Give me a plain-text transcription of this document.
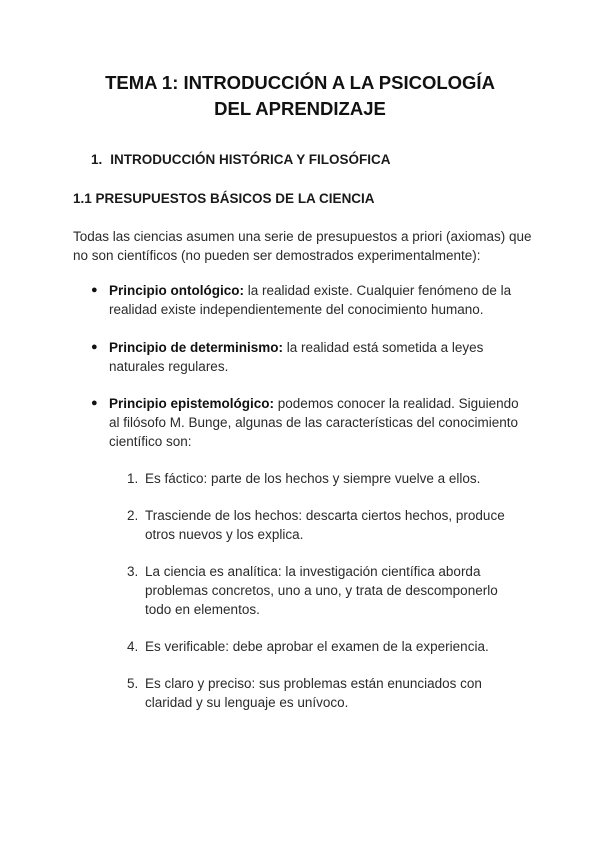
TEMA 1: INTRODUCCIÓN A LA PSICOLOGÍA
DEL APRENDIZAJE
1. INTRODUCCIÓN HISTÓRICA Y FILOSÓFICA
1.1 PRESUPUESTOS BÁSICOS DE LA CIENCIA

Todas las ciencias asumen una serie de presupuestos a priori (axiomas) que no son científicos (no pueden ser demostrados experimentalmente):

● Principio ontológico: la realidad existe. Cualquier fenómeno de la realidad existe independientemente del conocimiento humano.
● Principio de determinismo: la realidad está sometida a leyes naturales regulares.
● Principio epistemológico: podemos conocer la realidad. Siguiendo al filósofo M. Bunge, algunas de las características del conocimiento científico son:
1. Es fáctico: parte de los hechos y siempre vuelve a ellos.
2. Trasciende de los hechos: descarta ciertos hechos, produce otros nuevos y los explica.
3. La ciencia es analítica: la investigación científica aborda problemas concretos, uno a uno, y trata de descomponerlo todo en elementos.
4. Es verificable: debe aprobar el examen de la experiencia.
5. Es claro y preciso: sus problemas están enunciados con claridad y su lenguaje es unívoco.
